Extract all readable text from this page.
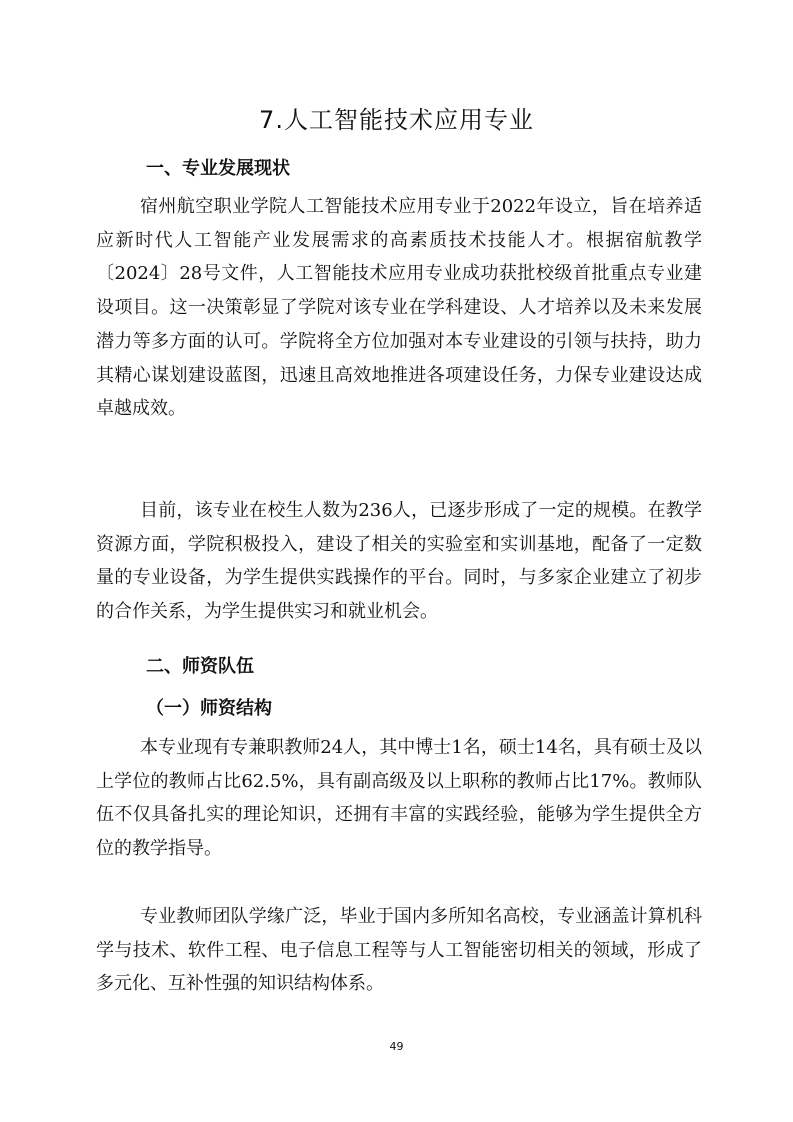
7.人工智能技术应用专业
一、专业发展现状
宿州航空职业学院人工智能技术应用专业于2022年设立，旨在培养适应新时代人工智能产业发展需求的高素质技术技能人才。根据宿航教学〔2024〕28号文件，人工智能技术应用专业成功获批校级首批重点专业建设项目。这一决策彰显了学院对该专业在学科建设、人才培养以及未来发展潜力等多方面的认可。学院将全方位加强对本专业建设的引领与扶持，助力其精心谋划建设蓝图，迅速且高效地推进各项建设任务，力保专业建设达成卓越成效。
目前，该专业在校生人数为236人，已逐步形成了一定的规模。在教学资源方面，学院积极投入，建设了相关的实验室和实训基地，配备了一定数量的专业设备，为学生提供实践操作的平台。同时，与多家企业建立了初步的合作关系，为学生提供实习和就业机会。
二、师资队伍
（一）师资结构
本专业现有专兼职教师24人，其中博士1名，硕士14名，具有硕士及以上学位的教师占比62.5%，具有副高级及以上职称的教师占比17%。教师队伍不仅具备扎实的理论知识，还拥有丰富的实践经验，能够为学生提供全方位的教学指导。
专业教师团队学缘广泛，毕业于国内多所知名高校，专业涵盖计算机科学与技术、软件工程、电子信息工程等与人工智能密切相关的领域，形成了多元化、互补性强的知识结构体系。
49
